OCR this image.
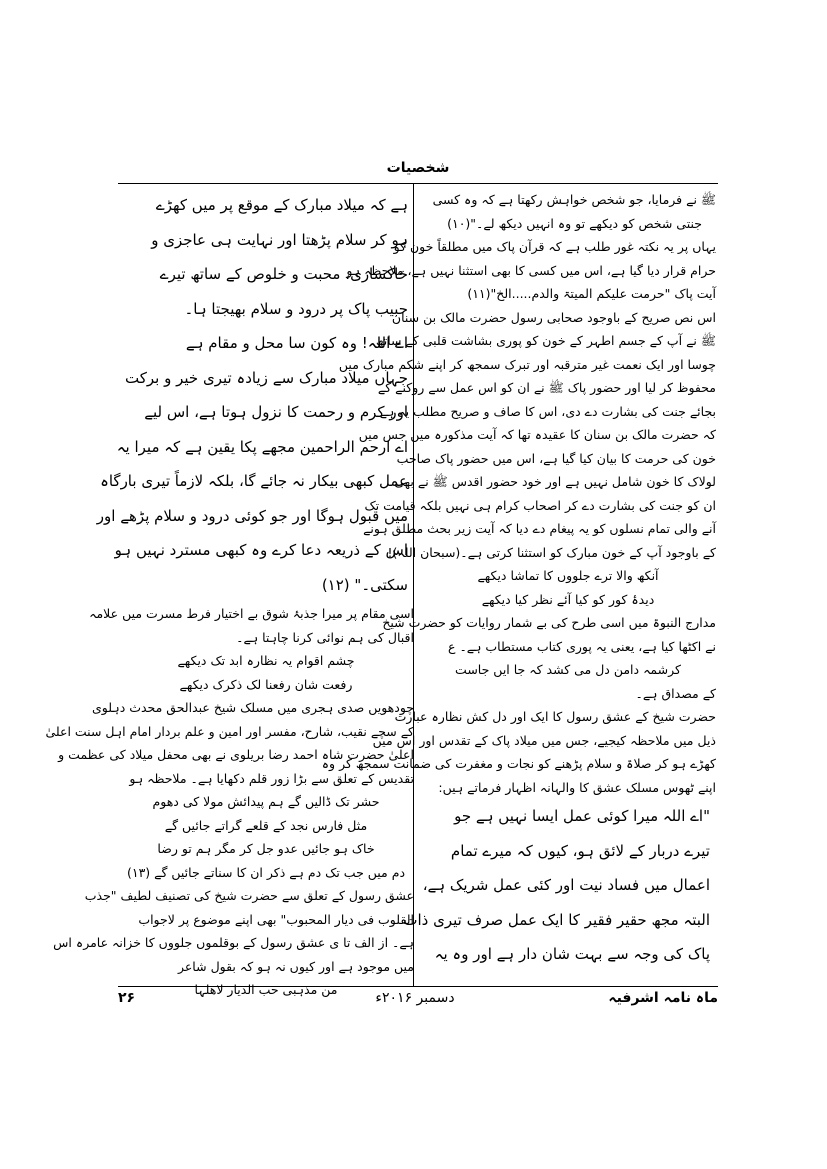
شخصیات

ﷺ نے فرمایا، جو شخص خواہش رکھتا ہے کہ وہ کسی

جنتی شخص کو دیکھے تو وہ انہیں دیکھ لے۔"(۱۰)

یہاں پر یہ نکتہ غور طلب ہے کہ قرآن پاک میں مطلقاً خون کو

حرام قرار دیا گیا ہے، اس میں کسی کا بھی استثنا نہیں ہے، ملاحظہ ہو

آیت پاک "حرمت علیکم المیتۃ والدم.....الخ"(۱۱)

اس نص صریح کے باوجود صحابی رسول حضرت مالک بن سنان

ﷺ نے آپ کے جسم اطہر کے خون کو پوری بشاشت قلبی کے ساتھ

چوسا اور ایک نعمت غیر مترقبہ اور تبرک سمجھ کر اپنے شکم مبارک میں

محفوظ کر لیا اور حضور پاک ﷺ نے ان کو اس عمل سے روکنے کے

بجائے جنت کی بشارت دے دی، اس کا صاف و صریح مطلب یہ ہے

کہ حضرت مالک بن سنان کا عقیدہ تھا کہ آیت مذکورہ میں جس میں

خون کی حرمت کا بیان کیا گیا ہے، اس میں حضور پاک صاحب

لولاک کا خون شامل نہیں ہے اور خود حضور اقدس ﷺ نے بھی

ان کو جنت کی بشارت دے کر اصحاب کرام ہی نہیں بلکہ قیامت تک

آنے والی تمام نسلوں کو یہ پیغام دے دیا کہ آیت زیر بحث مطلق ہونے

کے باوجود آپ کے خون مبارک کو استثنا کرتی ہے۔(سبحان اللہ)!

آنکھ والا ترے جلووں کا تماشا دیکھے

دیدۂ کور کو کیا آئے نظر کیا دیکھے

مدارج النبوۃ میں اسی طرح کی بے شمار روایات کو حضرت شیخ

نے اکٹھا کیا ہے، یعنی یہ پوری کتاب مستطاب ہے۔ ع

کرشمہ دامن دل می کشد کہ جا ایں جاست

کے مصداق ہے۔

حضرت شیخ کے عشق رسول کا ایک اور دل کش نظارہ عبارت

ذیل میں ملاحظہ کیجیے، جس میں میلاد پاک کے تقدس اور اس میں

کھڑے ہو کر صلاۃ و سلام پڑھنے کو نجات و مغفرت کی ضمانت سمجھ کر وہ

اپنے ٹھوس مسلک عشق کا والہانہ اظہار فرماتے ہیں:

"اے اللہ میرا کوئی عمل ایسا نہیں ہے جو

تیرے دربار کے لائق ہو، کیوں کہ میرے تمام

اعمال میں فساد نیت اور کئی عمل شریک ہے،

البتہ مجھ حقیر فقیر کا ایک عمل صرف تیری ذات

پاک کی وجہ سے بہت شان دار ہے اور وہ یہ

ہے کہ میلاد مبارک کے موقع پر میں کھڑے

ہو کر سلام پڑھتا اور نہایت ہی عاجزی و

خاکساری، محبت و خلوص کے ساتھ تیرے

حبیب پاک پر درود و سلام بھیجتا ہا۔

اے اللہ! وہ کون سا محل و مقام ہے

جہاں میلاد مبارک سے زیادہ تیری خیر و برکت

اور کرم و رحمت کا نزول ہوتا ہے، اس لیے

اے ارحم الراحمین مجھے پکا یقین ہے کہ میرا یہ

عمل کبھی بیکار نہ جائے گا، بلکہ لازماً تیری بارگاہ

میں قبول ہوگا اور جو کوئی درود و سلام پڑھے اور

اس کے ذریعہ دعا کرے وہ کبھی مسترد نہیں ہو

سکتی۔" (۱۲)

اسی مقام پر میرا جذبۂ شوق بے اختیار فرط مسرت میں علامہ

اقبال کی ہم نوائی کرنا چاہتا ہے۔

چشم اقوام یہ نظارہ ابد تک دیکھے

رفعت شان رفعنا لک ذکرک دیکھے

چودھویں صدی ہجری میں مسلک شیخ عبدالحق محدث دہلوی

کے سچے نقیب، شارح، مفسر اور امین و علم بردار امام اہل سنت اعلیٰ

اعلیٰ حضرت شاہ احمد رضا بریلوی نے بھی محفل میلاد کی عظمت و

تقدیس کے تعلق سے بڑا زور قلم دکھایا ہے۔ ملاحظہ ہو

حشر تک ڈالیں گے ہم پیدائش مولا کی دھوم

مثل فارس نجد کے قلعے گراتے جائیں گے

خاک ہو جائیں عدو جل کر مگر ہم تو رضا

دم میں جب تک دم ہے ذکر ان کا سناتے جائیں گے (۱۳)

عشق رسول کے تعلق سے حضرت شیخ کی تصنیف لطیف "جذب

القلوب فی دیار المحبوب" بھی اپنے موضوع پر لاجواب

ہے۔ از الف تا ی عشق رسول کے بوقلموں جلووں کا خزانہ عامرہ اس

میں موجود ہے اور کیوں نہ ہو کہ بقول شاعر

من مذہبی حب الدیار لاھلہا

ماہ نامہ اشرفیہ
دسمبر ۲۰۱۶ء
۲۶
